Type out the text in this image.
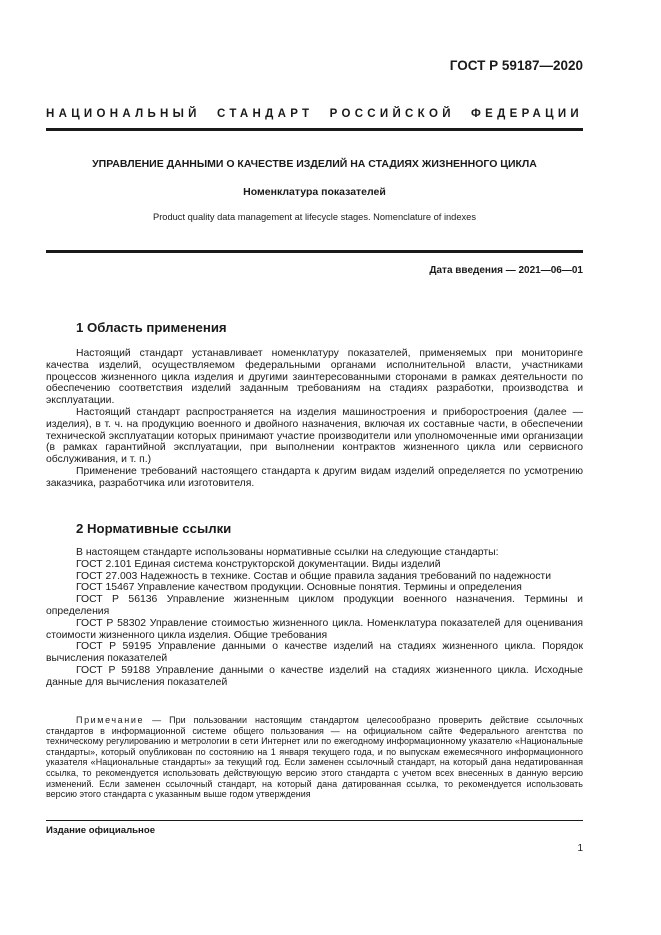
ГОСТ Р 59187—2020
НАЦИОНАЛЬНЫЙ СТАНДАРТ РОССИЙСКОЙ ФЕДЕРАЦИИ
УПРАВЛЕНИЕ ДАННЫМИ О КАЧЕСТВЕ ИЗДЕЛИЙ НА СТАДИЯХ ЖИЗНЕННОГО ЦИКЛА
Номенклатура показателей
Product quality data management at lifecycle stages. Nomenclature of indexes
Дата введения — 2021—06—01
1 Область применения

Настоящий стандарт устанавливает номенклатуру показателей, применяемых при мониторинге качества изделий, осуществляемом федеральными органами исполнительной власти, участниками процессов жизненного цикла изделия и другими заинтересованными сторонами в рамках деятельности по обеспечению соответствия изделий заданным требованиям на стадиях разработки, производства и эксплуатации.

Настоящий стандарт распространяется на изделия машиностроения и приборостроения (далее — изделия), в т. ч. на продукцию военного и двойного назначения, включая их составные части, в обеспечении технической эксплуатации которых принимают участие производители или уполномоченные ими организации (в рамках гарантийной эксплуатации, при выполнении контрактов жизненного цикла или сервисного обслуживания, и т. п.)

Применение требований настоящего стандарта к другим видам изделий определяется по усмотрению заказчика, разработчика или изготовителя.

2 Нормативные ссылки

В настоящем стандарте использованы нормативные ссылки на следующие стандарты:

ГОСТ 2.101 Единая система конструкторской документации. Виды изделий

ГОСТ 27.003 Надежность в технике. Состав и общие правила задания требований по надежности

ГОСТ 15467 Управление качеством продукции. Основные понятия. Термины и определения

ГОСТ Р 56136 Управление жизненным циклом продукции военного назначения. Термины и определения

ГОСТ Р 58302 Управление стоимостью жизненного цикла. Номенклатура показателей для оценивания стоимости жизненного цикла изделия. Общие требования

ГОСТ Р 59195 Управление данными о качестве изделий на стадиях жизненного цикла. Порядок вычисления показателей

ГОСТ Р 59188 Управление данными о качестве изделий на стадиях жизненного цикла. Исходные данные для вычисления показателей

Примечание — При пользовании настоящим стандартом целесообразно проверить действие ссылочных стандартов в информационной системе общего пользования — на официальном сайте Федерального агентства по техническому регулированию и метрологии в сети Интернет или по ежегодному информационному указателю «Национальные стандарты», который опубликован по состоянию на 1 января текущего года, и по выпускам ежемесячного информационного указателя «Национальные стандарты» за текущий год. Если заменен ссылочный стандарт, на который дана недатированная ссылка, то рекомендуется использовать действующую версию этого стандарта с учетом всех внесенных в данную версию изменений. Если заменен ссылочный стандарт, на который дана датированная ссылка, то рекомендуется использовать версию этого стандарта с указанным выше годом утверждения

Издание официальное
1
